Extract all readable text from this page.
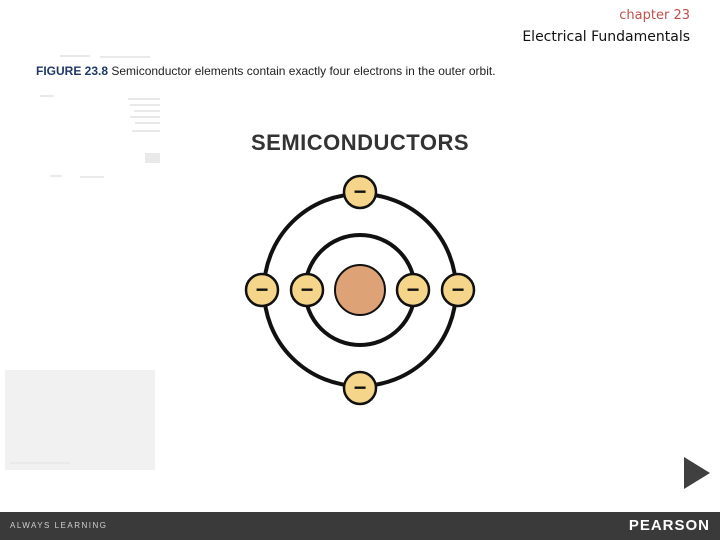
chapter 23
Electrical Fundamentals
FIGURE 23.8 Semiconductor elements contain exactly four electrons in the outer orbit.
SEMICONDUCTORS
−
−
−	−
−	−
ALWAYS LEARNING	PEARSON
